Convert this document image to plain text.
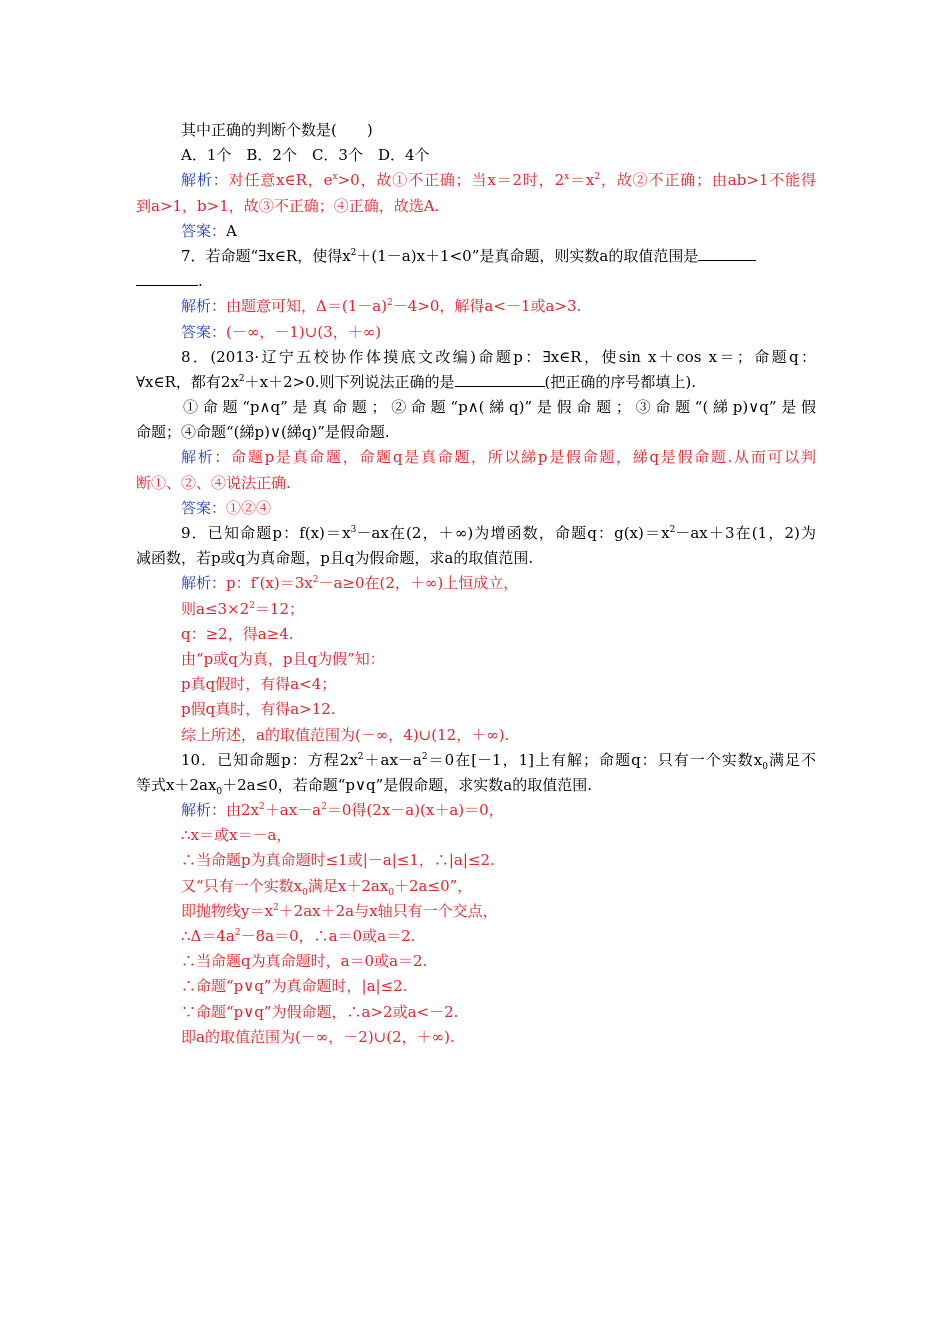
其中正确的判断个数是(　　)
A．1个　B．2个　C．3个　D．4个
解析：对任意x∈R，$e^x>0$，故①不正确；当x＝2时，$2^x=x^2$，故②不正确；由ab>1不能得
到a>1，b>1，故③不正确；④正确，故选A.
答案：A
7．若命题“∃x∈R，使得$x^2+(1-a)x+1<0$”是真命题，则实数a的取值范围是
.
解析：由题意可知，$\Delta=(1-a)^2-4>0$，解得a<－1或a>3.
答案：(－∞，－1)∪(3，＋∞)
8．(2013·辽宁五校协作体摸底文改编)命题p：∃x∈R，使sin x＋cos x＝；命题q：
∀x∈R，都有$2x^2+x+2>0$.则下列说法正确的是	(把正确的序号都填上).
①命题“p∧q”是真命题；②命题“p∧(綈q)”是假命题；③命题“(綈p)∨q”是假
命题；④命题“(綈p)∨(綈q)”是假命题.
解析：命题p是真命题，命题q是真命题，所以綈p是假命题，綈q是假命题.从而可以判
断①、②、④说法正确.
答案：①②④
9．已知命题p：$f(x)=x^3-ax$在(2，＋∞)为增函数，命题q：$g(x)=x^2-ax+3$在(1，2)为
减函数，若p或q为真命题，p且q为假命题，求a的取值范围.
解析：p：$f'(x)=3x^2-a\ge 0$在(2，＋∞)上恒成立，
则$a\le 3\times 2^2=12$；
q：≥2，得a≥4.
由“p或q为真，p且q为假”知：
p真q假时，有得a<4；
p假q真时，有得a>12.
综上所述，a的取值范围为(－∞，4)∪(12，＋∞).
10．已知命题p：方程$2x^2+ax-a^2=0$在[－1，1]上有解；命题q：只有一个实数$x_0$满足不
等式$x+2ax_0+2a\le 0$，若命题“p∨q”是假命题，求实数a的取值范围.
解析：由$2x^2+ax-a^2=0$得(2x－a)(x＋a)＝0，
∴x＝或x＝－a，
∴当命题p为真命题时≤1或|－a|≤1，∴|a|≤2.
又“只有一个实数$x_0$满足$x+2ax_0+2a\le 0$”，
即抛物线$y=x^2+2ax+2a$与x轴只有一个交点，
$\therefore\Delta=4a^2-8a=0$，∴a＝0或a＝2.
∴当命题q为真命题时，a＝0或a＝2.
∴命题“p∨q”为真命题时，|a|≤2.
∵命题“p∨q”为假命题，∴a>2或a<－2.
即a的取值范围为(－∞，－2)∪(2，＋∞).
